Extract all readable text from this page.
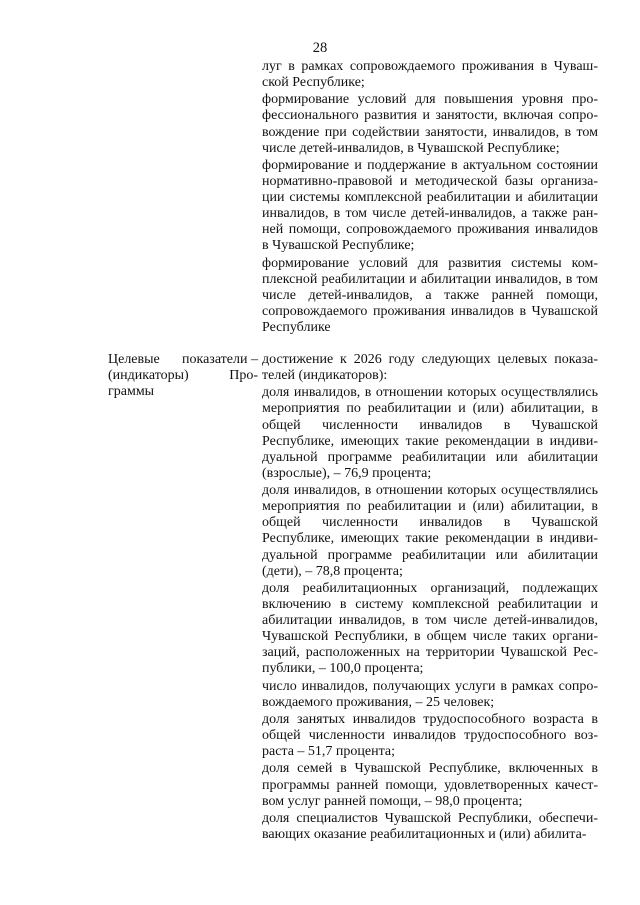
28

луг в рамках сопровождаемого проживания в Чувашской Республике;

формирование условий для повышения уровня профессионального развития и занятости, включая сопровождение при содействии занятости, инвалидов, в том числе детей-инвалидов, в Чувашской Республике;

формирование и поддержание в актуальном состоянии нормативно-правовой и методической базы организации системы комплексной реабилитации и абилитации инвалидов, в том числе детей-инвалидов, а также ранней помощи, сопровождаемого проживания инвалидов в Чувашской Республике;

формирование условий для развития системы комплексной реабилитации и абилитации инвалидов, в том числе детей-инвалидов, а также ранней помощи, сопровождаемого проживания инвалидов в Чувашской Республике

Целевые показатели –
(индикаторы)	Про-
граммы

достижение к 2026 году следующих целевых показателей (индикаторов):

доля инвалидов, в отношении которых осуществлялись мероприятия по реабилитации и (или) абилитации, в общей численности инвалидов в Чувашской Республике, имеющих такие рекомендации в индивидуальной программе реабилитации или абилитации (взрослые), – 76,9 процента;

доля инвалидов, в отношении которых осуществлялись мероприятия по реабилитации и (или) абилитации, в общей численности инвалидов в Чувашской Республике, имеющих такие рекомендации в индивидуальной программе реабилитации или абилитации (дети), – 78,8 процента;

доля реабилитационных организаций, подлежащих включению в систему комплексной реабилитации и абилитации инвалидов, в том числе детей-инвалидов, Чувашской Республики, в общем числе таких организаций, расположенных на территории Чувашской Республики, – 100,0 процента;

число инвалидов, получающих услуги в рамках сопровождаемого проживания, – 25 человек;

доля занятых инвалидов трудоспособного возраста в общей численности инвалидов трудоспособного возраста – 51,7 процента;

доля семей в Чувашской Республике, включенных в программы ранней помощи, удовлетворенных качеством услуг ранней помощи, – 98,0 процента;

доля специалистов Чувашской Республики, обеспечивающих оказание реабилитационных и (или) абилита-
